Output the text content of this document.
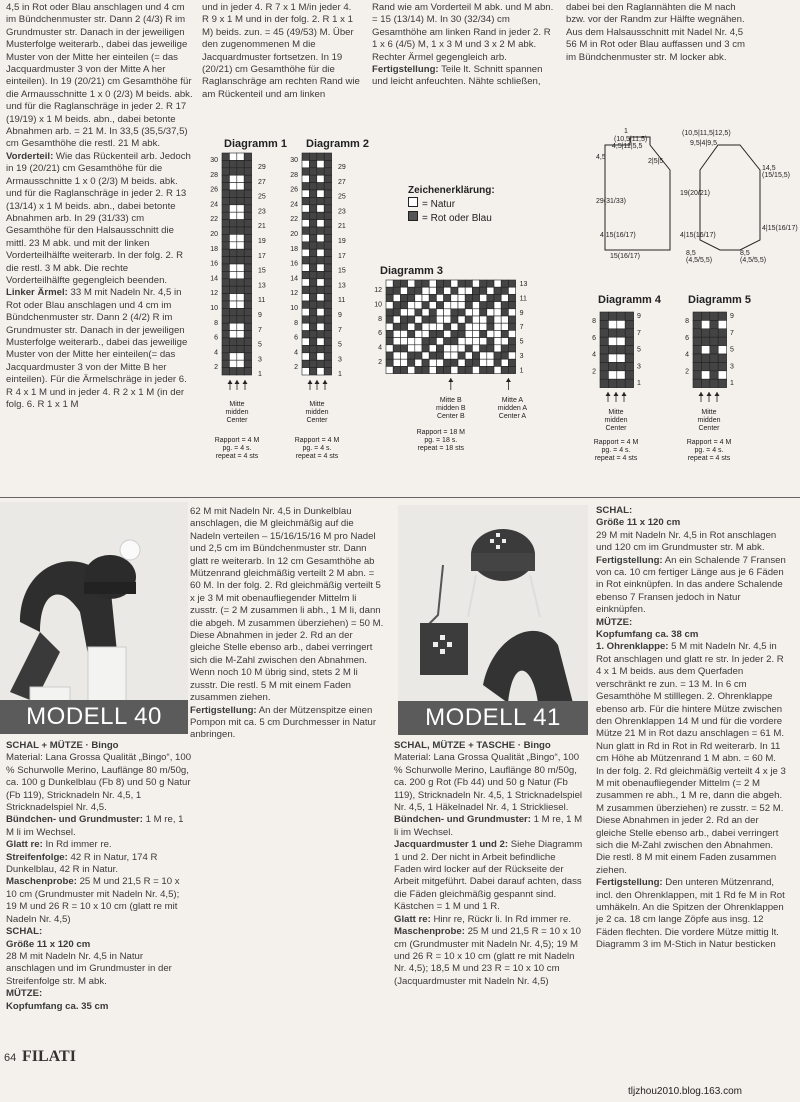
4,5 in Rot oder Blau anschlagen und 4 cm im Bündchenmuster str. Dann 2 (4/3) R im Grundmuster str. Danach in der jeweiligen Musterfolge weiterarb., dabei das jeweilige Muster von der Mitte her einteilen (= das Jacquardmuster 3 von der Mitte A her einteilen). In 19 (20/21) cm Gesamthöhe für die Armausschnitte 1 x 0 (2/3) M beids. abk. und für die Raglanschräge in jeder 2. R 17 (19/19) x 1 M beids. abn., dabei betonte Abnahmen arb. = 21 M. In 33,5 (35,5/37,5) cm Gesamthöhe die restl. 21 M abk.

Vorderteil: Wie das Rückenteil arb. Jedoch in 19 (20/21) cm Gesamthöhe für die Armausschnitte 1 x 0 (2/3) M beids. abk. und für die Raglanschräge in jeder 2. R 13 (13/14) x 1 M beids. abn., dabei betonte Abnahmen arb. In 29 (31/33) cm Gesamthöhe für den Halsausschnitt die mittl. 23 M abk. und mit der linken Vorderteilhälfte weiterarb. In der folg. 2. R die restl. 3 M abk. Die rechte Vorderteilhälfte gegengleich beenden.

Linker Ärmel: 33 M mit Nadeln Nr. 4,5 in Rot oder Blau anschlagen und 4 cm im Bündchenmuster str. Dann 2 (4/2) R im Grundmuster str. Danach in der jeweiligen Musterfolge weiterarb., dabei das jeweilige Muster von der Mitte her einteilen(= das Jacquardmuster 3 von der Mitte B her einteilen). Für die Ärmelschräge in jeder 6. R 4 x 1 M und in jeder 4. R 2 x 1 M (in der folg. 6. R 1 x 1 M

und in jeder 4. R 7 x 1 M/in jeder 4. R 9 x 1 M und in der folg. 2. R 1 x 1 M) beids. zun. = 45 (49/53) M. Über den zugenommenen M die Jacquardmuster fortsetzen. In 19 (20/21) cm Gesamthöhe für die Raglanschräge am rechten Rand wie am Rückenteil und am linken

Rand wie am Vorderteil M abk. und M abn. = 15 (13/14) M. In 30 (32/34) cm Gesamthöhe am linken Rand in jeder 2. R 1 x 6 (4/5) M, 1 x 3 M und 3 x 2 M abk. Rechter Ärmel gegengleich arb.

Fertigstellung: Teile lt. Schnitt spannen und leicht anfeuchten. Nähte schließen,

dabei bei den Raglannähten die M nach bzw. vor der Randm zur Hälfte wegnähen. Aus dem Halsausschnitt mit Nadel Nr. 4,5 56 M in Rot oder Blau auffassen und 3 cm im Bündchenmuster str. M locker abk.

Diagramm 1 Diagramm 2
30
28
26
24
22
20
18
16
14
12
10
8
6
4
2
29
27
25
23
21
19
17
15
13
11
9
7
5
3
1
30
28
26
24
22
20
18
16
14
12
10
8
6
4
2
29
27
25
23
21
19
17
15
13
11
9
7
5
3
1
Mitte
midden
Center
Mitte
midden
Center
Rapport = 4 M
pg. = 4 s.
repeat = 4 sts
Rapport = 4 M
pg. = 4 s.
repeat = 4 sts
Zeichenerklärung:
= Natur
= Rot oder Blau
Diagramm 3
12
10
8
6
4
2
13
11
9
7
5
3
1
Mitte B
midden B
Center B
Mitte A
midden A
Center A
Rapport = 18 M
pg. = 18 s.
repeat = 18 sts
1
(10,5|11,5)
4,5|11|5,5
4,5
2|5|5
29(31/33)
4|15(16/17)
15(16/17)
(10,5|11,5|12,5)
9,5|4|9,5
19(20/21)
4|15(16/17)
14,5
(15/15,5)
8,5
(4,5/5,5)
8,5
(4,5/5,5)
4|15(16/17)
Diagramm 4 Diagramm 5
8
6
4
2
9
7
5
3
1
8
6
4
2
9
7
5
3
1
Mitte
midden
Center
Mitte
midden
Center
Rapport = 4 M
pg. = 4 s.
repeat = 4 sts
Rapport = 4 M
pg. = 4 s.
repeat = 4 sts
MODELL 40	MODELL 41

SCHAL + MÜTZE · Bingo

Material: Lana Grossa Qualität „Bingo“, 100 % Schurwolle Merino, Lauflänge 80 m/50g, ca. 100 g Dunkelblau (Fb 8) und 50 g Natur (Fb 119), Stricknadeln Nr. 4,5, 1 Stricknadelspiel Nr. 4,5.

Bündchen- und Grundmuster: 1 M re, 1 M li im Wechsel.

Glatt re: In Rd immer re.

Streifenfolge: 42 R in Natur, 174 R Dunkelblau, 42 R in Natur.

Maschenprobe: 25 M und 21,5 R = 10 x 10 cm (Grundmuster mit Nadeln Nr. 4,5); 19 M und 26 R = 10 x 10 cm (glatt re mit Nadeln Nr. 4,5)

SCHAL:

Größe 11 x 120 cm

28 M mit Nadeln Nr. 4,5 in Natur anschlagen und im Grundmuster in der Streifenfolge str. M abk.

MÜTZE:

Kopfumfang ca. 35 cm

62 M mit Nadeln Nr. 4,5 in Dunkelblau anschlagen, die M gleichmäßig auf die Nadeln verteilen – 15/16/15/16 M pro Nadel und 2,5 cm im Bündchenmuster str. Dann glatt re weiterarb. In 12 cm Gesamthöhe ab Mützenrand gleichmäßig verteilt 2 M abn. = 60 M. In der folg. 2. Rd gleichmäßig verteilt 5 x je 3 M mit obenaufliegender Mittelm li zusstr. (= 2 M zusammen li abh., 1 M li, dann die abgeh. M zusammen überziehen) = 50 M. Diese Abnahmen in jeder 2. Rd an der gleiche Stelle ebenso arb., dabei verringert sich die M-Zahl zwischen den Abnahmen. Wenn noch 10 M übrig sind, stets 2 M li zusstr. Die restl. 5 M mit einem Faden zusammen ziehen.

Fertigstellung: An der Mützenspitze einen Pompon mit ca. 5 cm Durchmesser in Natur anbringen.

SCHAL, MÜTZE + TASCHE · Bingo

Material: Lana Grossa Qualität „Bingo“, 100 % Schurwolle Merino, Lauflänge 80 m/50g, ca. 200 g Rot (Fb 44) und 50 g Natur (Fb 119), Stricknadeln Nr. 4,5, 1 Stricknadelspiel Nr. 4,5, 1 Häkelnadel Nr. 4, 1 Strickliesel.

Bündchen- und Grundmuster: 1 M re, 1 M li im Wechsel.

Jacquardmuster 1 und 2: Siehe Diagramm 1 und 2. Der nicht in Arbeit befindliche Faden wird locker auf der Rückseite der Arbeit mitgeführt. Dabei darauf achten, dass die Fäden gleichmäßig gespannt sind. Kästchen = 1 M und 1 R.

Glatt re: Hinr re, Rückr li. In Rd immer re.

Maschenprobe: 25 M und 21,5 R = 10 x 10 cm (Grundmuster mit Nadeln Nr. 4,5); 19 M und 26 R = 10 x 10 cm (glatt re mit Nadeln Nr. 4,5); 18,5 M und 23 R = 10 x 10 cm (Jacquardmuster mit Nadeln Nr. 4,5)

SCHAL:

Größe 11 x 120 cm

29 M mit Nadeln Nr. 4,5 in Rot anschlagen und 120 cm im Grundmuster str. M abk.

Fertigstellung: An ein Schalende 7 Fransen von ca. 10 cm fertiger Länge aus je 6 Fäden in Rot einknüpfen. In das andere Schalende ebenso 7 Fransen jedoch in Natur einknüpfen.

MÜTZE:

Kopfumfang ca. 38 cm

1. Ohrenklappe: 5 M mit Nadeln Nr. 4,5 in Rot anschlagen und glatt re str. In jeder 2. R 4 x 1 M beids. aus dem Querfaden verschränkt re zun. = 13 M. In 6 cm Gesamthöhe M stilllegen. 2. Ohrenklappe ebenso arb. Für die hintere Mütze zwischen den Ohrenklappen 14 M und für die vordere Mütze 21 M in Rot dazu anschlagen = 61 M. Nun glatt in Rd in Rot in Rd weiterarb. In 11 cm Höhe ab Mützenrand 1 M abn. = 60 M. In der folg. 2. Rd gleichmäßig verteilt 4 x je 3 M mit obenaufliegender Mittelm (= 2 M zusammen re abh., 1 M re, dann die abgeh. M zusammen überziehen) re zusstr. = 52 M. Diese Abnahmen in jeder 2. Rd an der gleiche Stelle ebenso arb., dabei verringert sich die M-Zahl zwischen den Abnahmen. Die restl. 8 M mit einem Faden zusammen ziehen.

Fertigstellung: Den unteren Mützenrand, incl. den Ohrenklappen, mit 1 Rd fe M in Rot umhäkeln. An die Spitzen der Ohrenklappen je 2 ca. 18 cm lange Zöpfe aus insg. 12 Fäden flechten. Die vordere Mütze mittig lt. Diagramm 3 im M-Stich in Natur besticken

64 FILATI
tljzhou2010.blog.163.com
